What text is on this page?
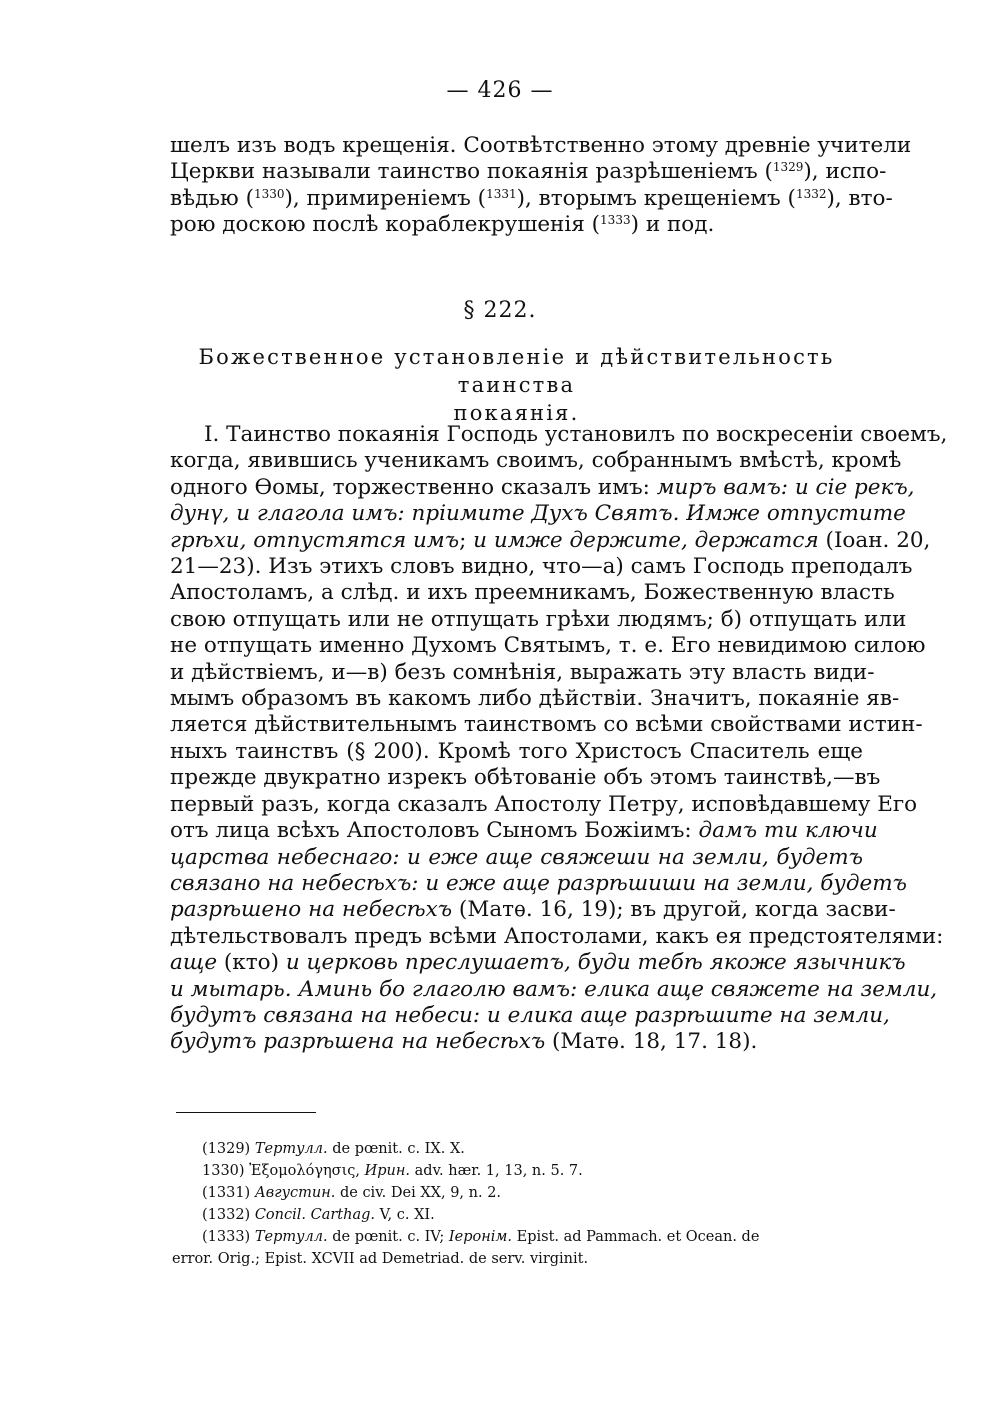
— 426 —
шелъ изъ водъ крещенія. Соотвѣтственно этому древніе учители
Церкви называли таинство покаянія разрѣшеніемъ ($^{1329}$), испо-
вѣдью ($^{1330}$), примиреніемъ ($^{1331}$), вторымъ крещеніемъ ($^{1332}$), вто-
рою доскою послѣ кораблекрушенія ($^{1333}$) и под.
§ 222.
Божественное установленіе и дѣйствительность таинства
покаянія.
I. Таинство покаянія Господь установилъ по воскресеніи своемъ,
когда, явившись ученикамъ своимъ, собраннымъ вмѣстѣ, кромѣ
одного Ѳомы, торжественно сказалъ имъ: миръ вамъ: и сіе рекъ,
дунү, и глагола имъ: пріимите Духъ Святъ. Имже отпустите
грѣхи, отпустятся имъ; и имже держите, держатся (Іоан. 20,
21—23). Изъ этихъ словъ видно, что—а) самъ Господь преподалъ
Апостоламъ, а слѣд. и ихъ преемникамъ, Божественную власть
свою отпущать или не отпущать грѣхи людямъ; б) отпущать или
не отпущать именно Духомъ Святымъ, т. е. Его невидимою силою
и дѣйствіемъ, и—в) безъ сомнѣнія, выражать эту власть види-
мымъ образомъ въ какомъ либо дѣйствіи. Значитъ, покаяніе яв-
ляется дѣйствительнымъ таинствомъ со всѣми свойствами истин-
ныхъ таинствъ (§ 200). Кромѣ того Христосъ Спаситель еще
прежде двукратно изрекъ обѣтованіе объ этомъ таинствѣ,—въ
первый разъ, когда сказалъ Апостолу Петру, исповѣдавшему Его
отъ лица всѣхъ Апостоловъ Сыномъ Божіимъ: дамъ ти ключи
царства небеснаго: и еже аще свяжеши на земли, будетъ
связано на небесѣхъ: и еже аще разрѣшиши на земли, будетъ
разрѣшено на небесѣхъ (Матѳ. 16, 19); въ другой, когда засви-
дѣтельствовалъ предъ всѣми Апостолами, какъ ея предстоятелями:
аще (кто) и церковь преслушаетъ, буди тебѣ якоже язычникъ
и мытарь. Аминь бо глаголю вамъ: елика аще свяжете на земли,
будутъ связана на небеси: и елика аще разрѣшите на земли,
будутъ разрѣшена на небесѣхъ (Матѳ. 18, 17. 18).
(1329) Тертулл. de pœnit. c. IX. X.
1330) Ἐξομολόγησις, Ирин. adv. hær. 1, 13, n. 5. 7.
(1331) Августин. de civ. Dei XX, 9, n. 2.
(1332) Concil. Carthag. V, c. XI.
(1333) Тертулл. de pœnit. c. IV; Іеронім. Epist. ad Pammach. et Ocean. de
error. Orig.; Epist. XCVII ad Demetriad. de serv. virginit.
